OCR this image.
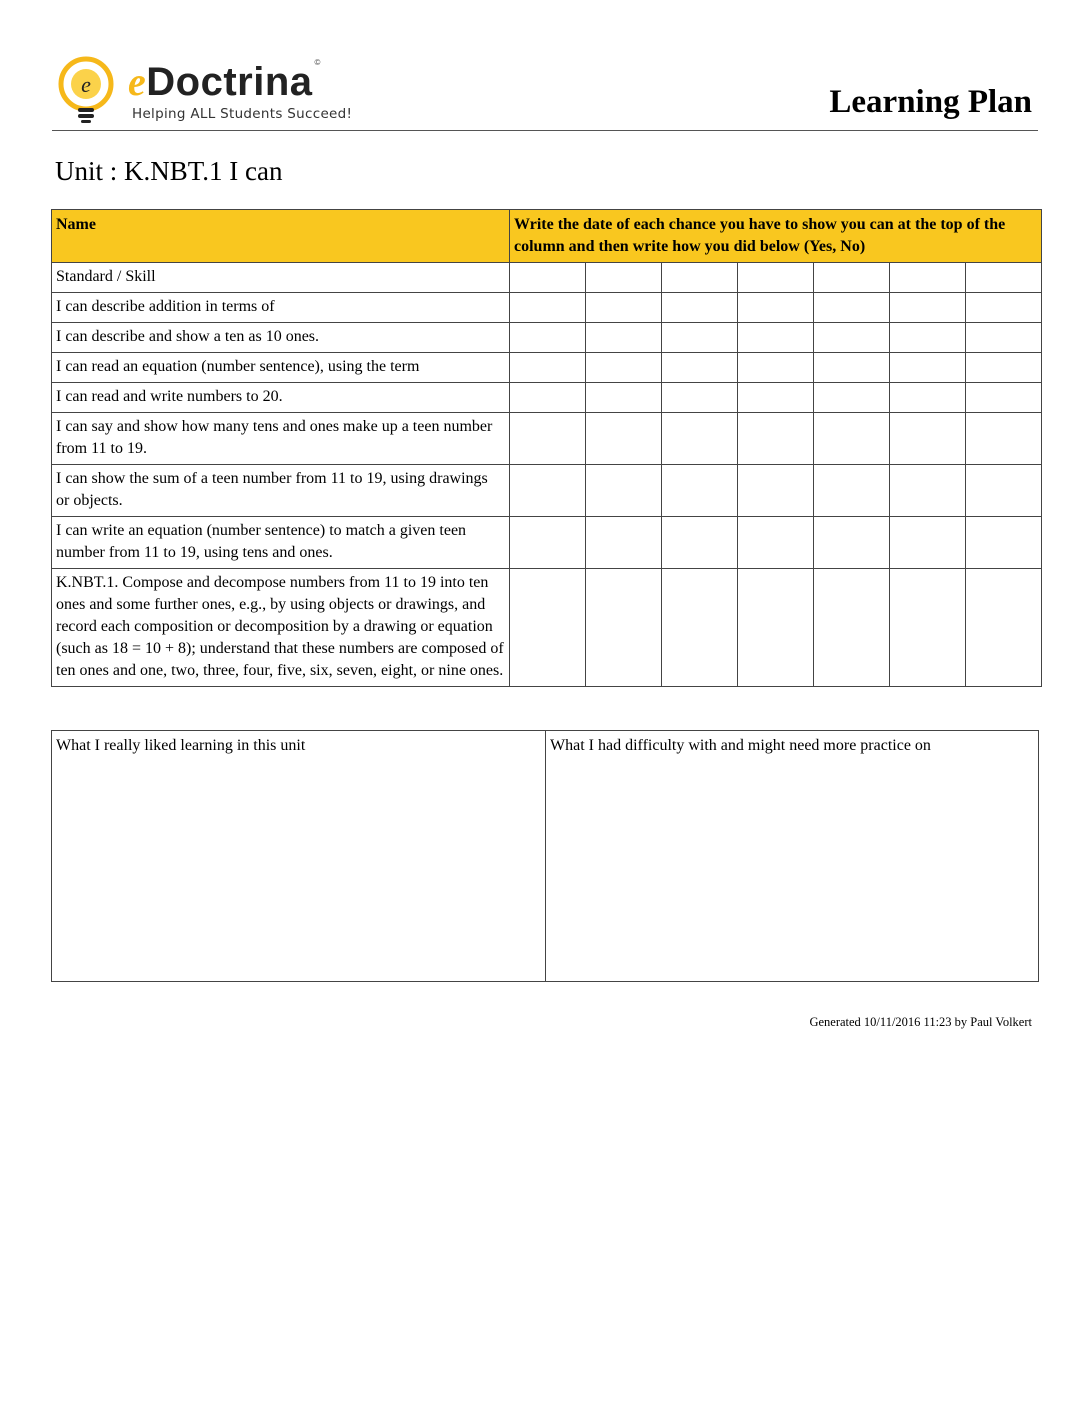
e eDoctrina ©
Helping ALL Students Succeed!	Learning Plan
Unit : K.NBT.1 I can
Name	Write the date of each chance you have to show you can at the top of the column and then write how you did below (Yes, No)						
Standard / Skill							
I can describe addition in terms of							
I can describe and show a ten as 10 ones.							
I can read an equation (number sentence), using the term							
I can read and write numbers to 20.							
I can say and show how many tens and ones make up a teen number from 11 to 19.							
I can show the sum of a teen number from 11 to 19, using drawings or objects.							
I can write an equation (number sentence) to match a given teen number from 11 to 19, using tens and ones.							
K.NBT.1. Compose and decompose numbers from 11 to 19 into ten ones and some further ones, e.g., by using objects or drawings, and record each composition or decomposition by a drawing or equation (such as 18 = 10 + 8); understand that these numbers are composed of ten ones and one, two, three, four, five, six, seven, eight, or nine ones.							
What I really liked learning in this unit	What I had difficulty with and might need more practice on
Generated 10/11/2016 11:23 by Paul Volkert
